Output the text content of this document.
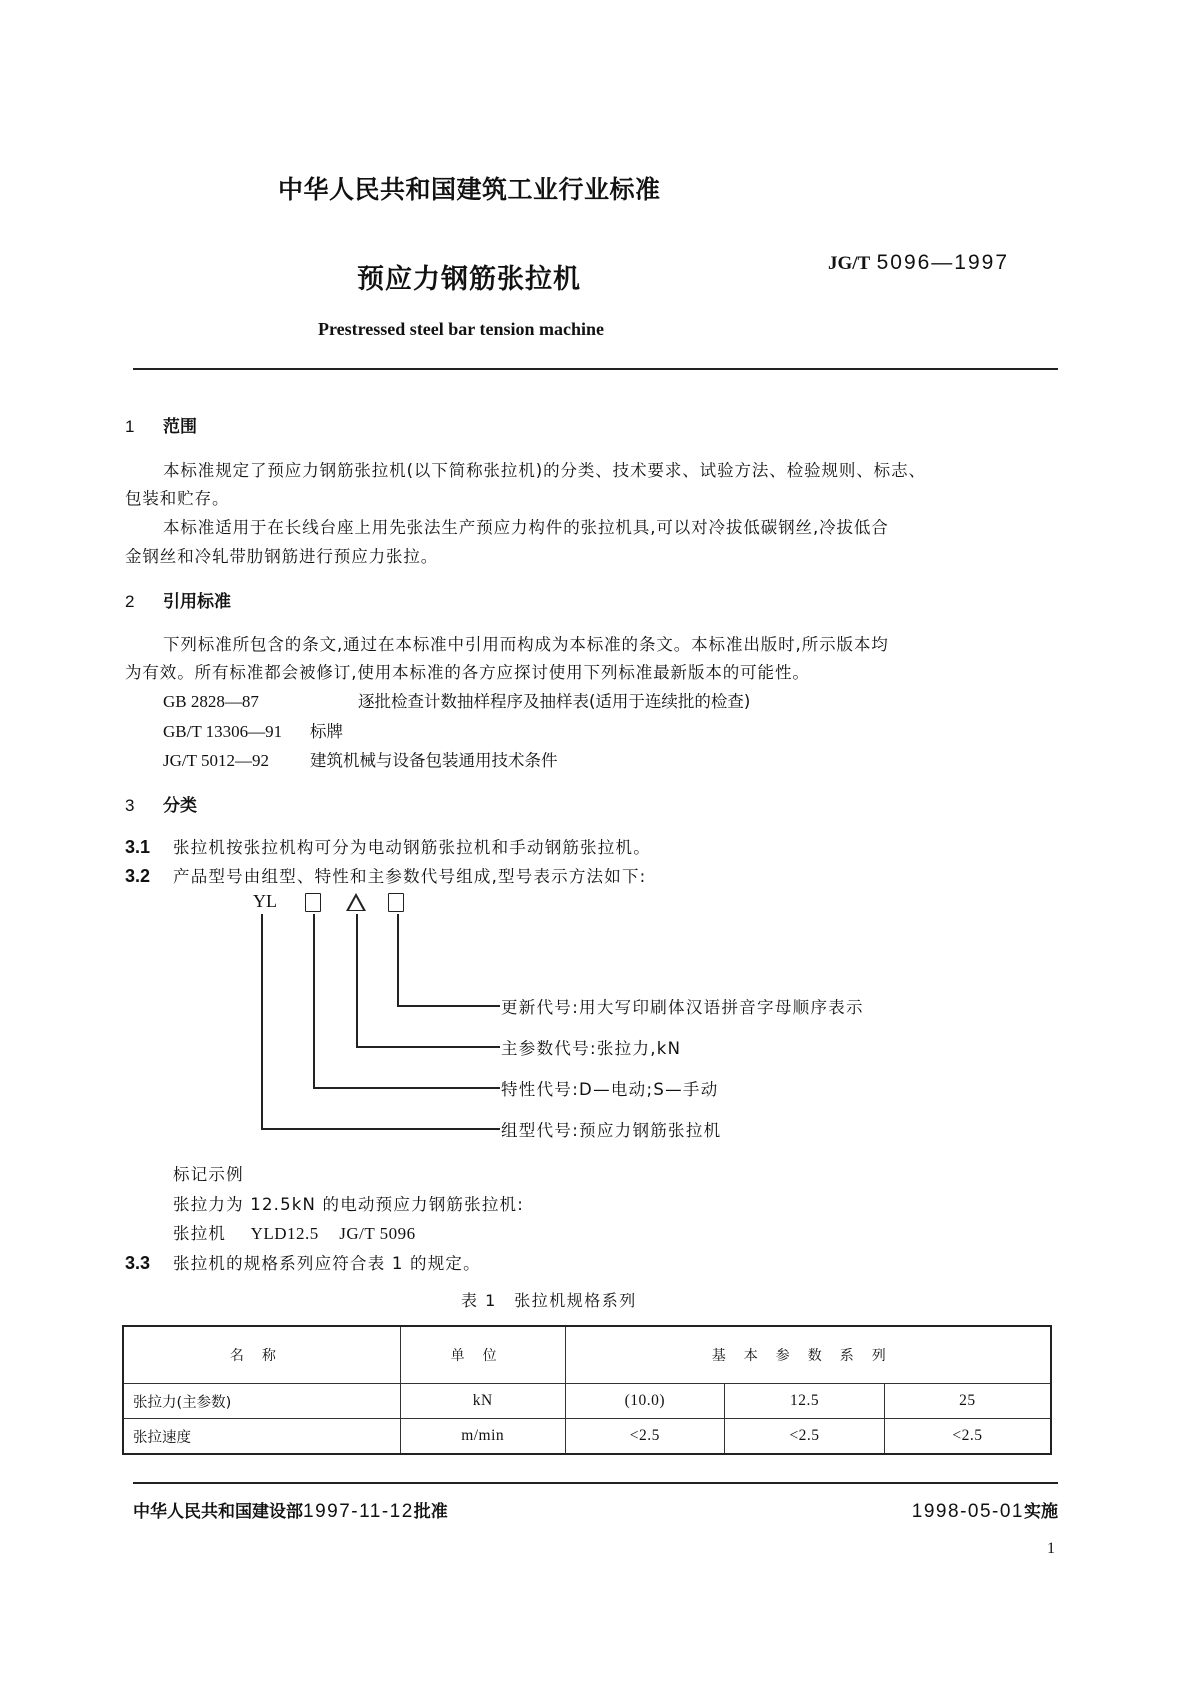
中华人民共和国建筑工业行业标准
预应力钢筋张拉机
JG/T 5096—1997
Prestressed steel bar tension machine
1 范围
本标准规定了预应力钢筋张拉机(以下简称张拉机)的分类、技术要求、试验方法、检验规则、标志、
包装和贮存。
本标准适用于在长线台座上用先张法生产预应力构件的张拉机具,可以对冷拔低碳钢丝,冷拔低合
金钢丝和冷轧带肋钢筋进行预应力张拉。
2 引用标准
下列标准所包含的条文,通过在本标准中引用而构成为本标准的条文。本标准出版时,所示版本均
为有效。所有标准都会被修订,使用本标准的各方应探讨使用下列标准最新版本的可能性。
GB 2828—87	逐批检查计数抽样程序及抽样表(适用于连续批的检查)
GB/T 13306—91 标牌
JG/T 5012—92 建筑机械与设备包装通用技术条件
3 分类
3.1 张拉机按张拉机构可分为电动钢筋张拉机和手动钢筋张拉机。
3.2 产品型号由组型、特性和主参数代号组成,型号表示方法如下:
YL
更新代号:用大写印刷体汉语拼音字母顺序表示
主参数代号:张拉力,kN
特性代号:D—电动;S—手动
组型代号:预应力钢筋张拉机
标记示例
张拉力为 12.5kN 的电动预应力钢筋张拉机:
张拉机 YLD12.5 JG/T 5096
3.3 张拉机的规格系列应符合表 1 的规定。
表 1　张拉机规格系列
名称	单位	基本参数系列		
张拉力(主参数)	kN	(10.0)	12.5	25
张拉速度	m/min	<2.5	<2.5	<2.5
中华人民共和国建设部1997-11-12批准	1998-05-01实施
1
